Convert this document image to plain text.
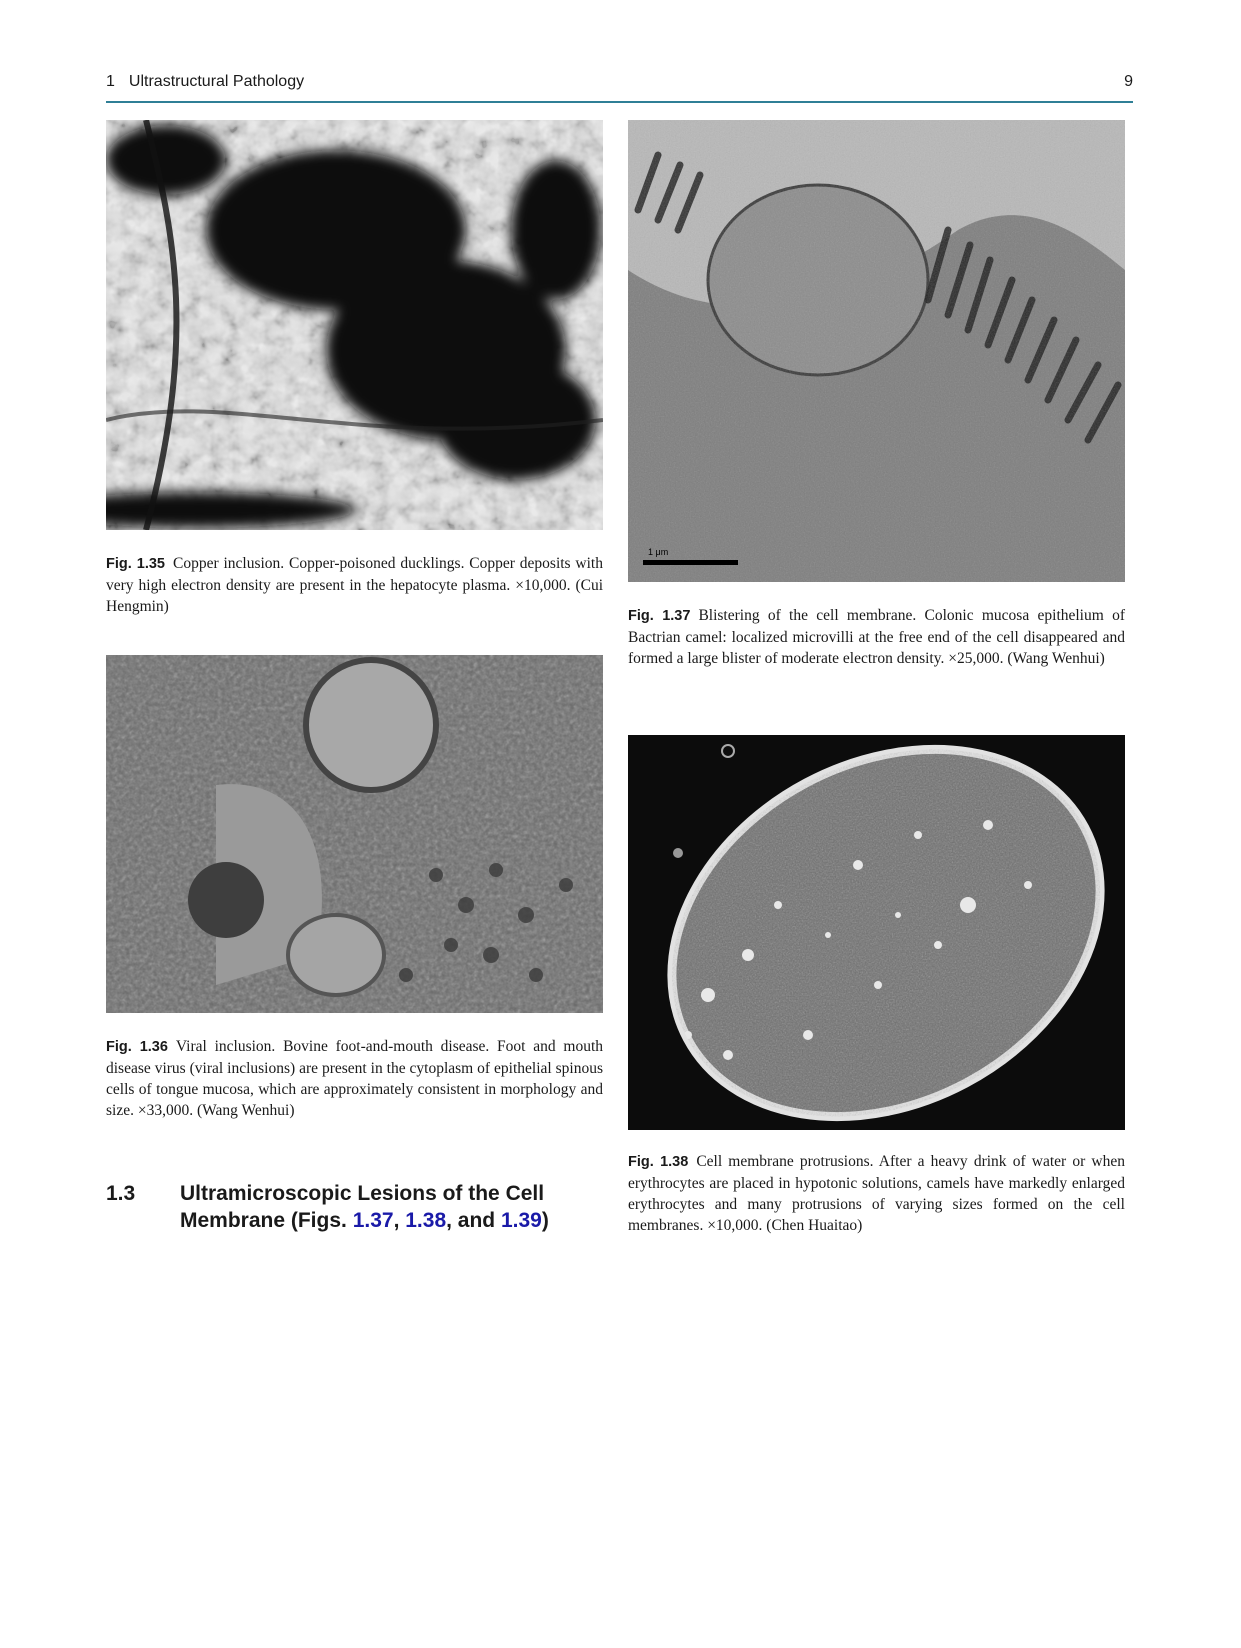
1 Ultrastructural Pathology	9
Fig. 1.35 Copper inclusion. Copper-poisoned ducklings. Copper deposits with very high electron density are present in the hepatocyte plasma. ×10,000. (Cui Hengmin)
1 μm
Fig. 1.37 Blistering of the cell membrane. Colonic mucosa epithelium of Bactrian camel: localized microvilli at the free end of the cell disappeared and formed a large blister of moderate electron density. ×25,000. (Wang Wenhui)
Fig. 1.36 Viral inclusion. Bovine foot-and-mouth disease. Foot and mouth disease virus (viral inclusions) are present in the cytoplasm of epithelial spinous cells of tongue mucosa, which are approximately consistent in morphology and size. ×33,000. (Wang Wenhui)
Fig. 1.38 Cell membrane protrusions. After a heavy drink of water or when erythrocytes are placed in hypotonic solutions, camels have markedly enlarged erythrocytes and many protrusions of varying sizes formed on the cell membranes. ×10,000. (Chen Huaitao)
1.3 Ultramicroscopic Lesions of the Cell
Membrane (Figs. 1.37, 1.38, and 1.39)
